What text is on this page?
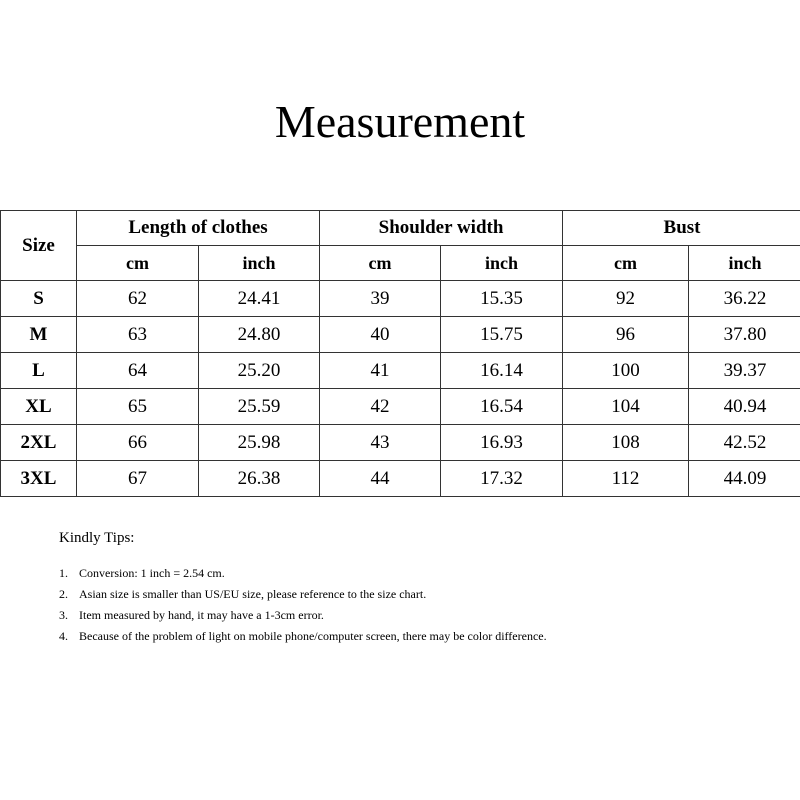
Measurement
Size	Length of clothes		Shoulder width		Bust	
	cm	inch	cm	inch	cm	inch
S	62	24.41	39	15.35	92	36.22
M	63	24.80	40	15.75	96	37.80
L	64	25.20	41	16.14	100	39.37
XL	65	25.59	42	16.54	104	40.94
2XL	66	25.98	43	16.93	108	42.52
3XL	67	26.38	44	17.32	112	44.09
Kindly Tips:
1. Conversion: 1 inch = 2.54 cm.
2. Asian size is smaller than US/EU size, please reference to the size chart.
3. Item measured by hand, it may have a 1-3cm error.
4. Because of the problem of light on mobile phone/computer screen, there may be color difference.
